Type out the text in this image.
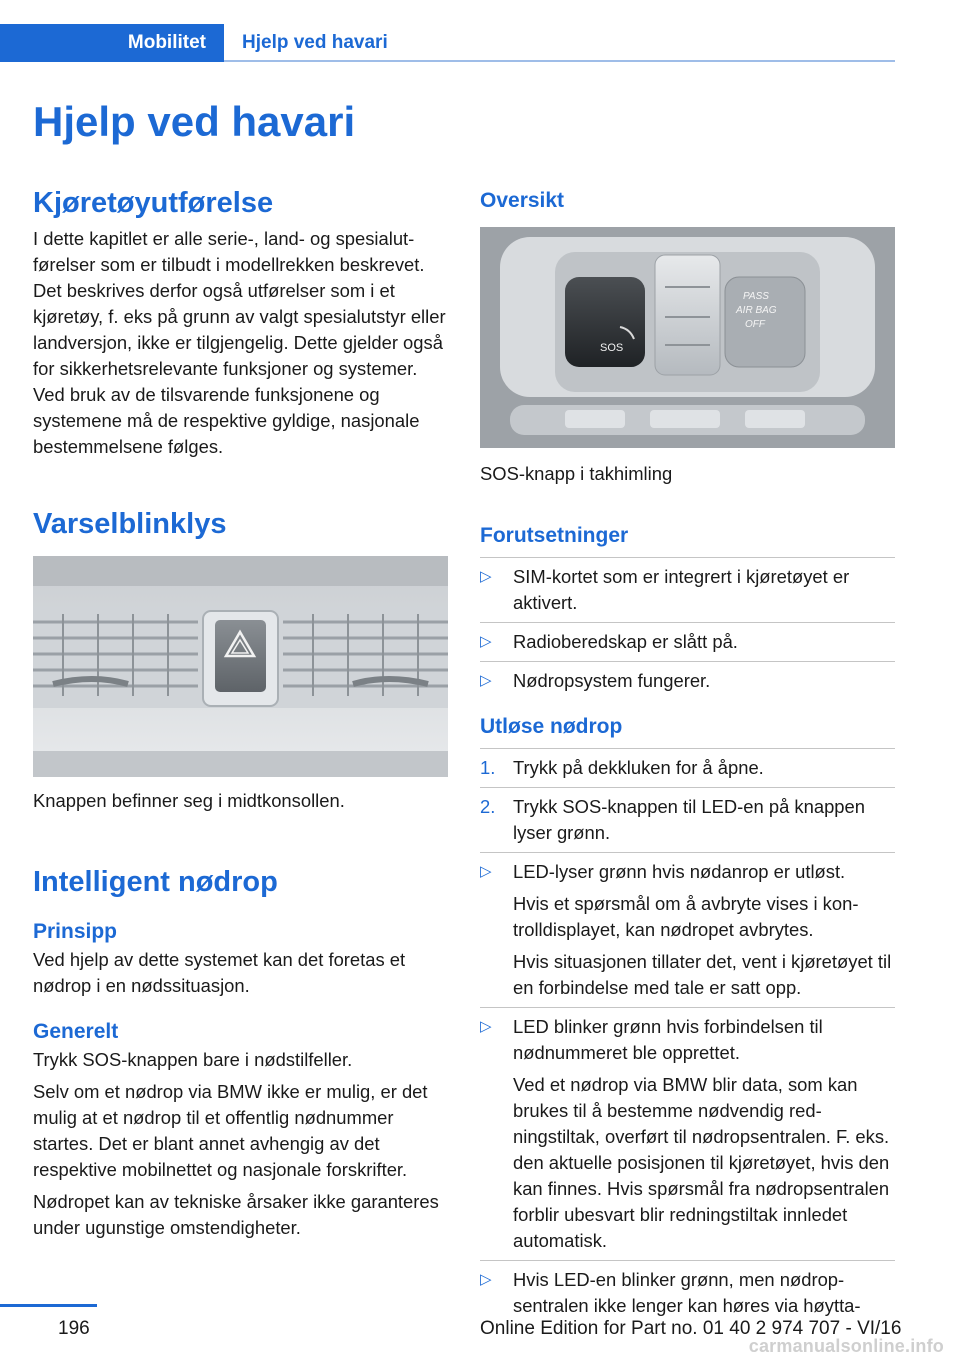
Mobilitet Hjelp ved havari
Hjelp ved havari
Kjøretøyutførelse
I dette kapitlet er alle serie-, land- og spesialutførelser som er tilbudt i modellrekken beskrevet. Det beskrives derfor også utførelser som i et kjøretøy, f. eks på grunn av valgt spesialutstyr eller landversjon, ikke er tilgjengelig. Dette gjelder også for sikkerhetsrelevante funksjoner og systemer. Ved bruk av de tilsvarende funksjonene og systemene må de respektive gyldige, nasjonale bestemmelsene følges.
Varselblinklys
Knappen befinner seg i midtkonsollen.
Intelligent nødrop
Prinsipp
Ved hjelp av dette systemet kan det foretas et nødrop i en nødssituasjon.
Generelt
Trykk SOS-knappen bare i nødstilfeller.
Selv om et nødrop via BMW ikke er mulig, er det mulig at et nødrop til et offentlig nødnummer startes. Det er blant annet avhengig av det respektive mobilnettet og nasjonale forskrifter.
Nødropet kan av tekniske årsaker ikke garanteres under ugunstige omstendigheter.
Oversikt
SOS
PASS
AIR BAG
OFF
SOS-knapp i takhimling
Forutsetninger
▷ SIM-kortet som er integrert i kjøretøyet er aktivert.
▷ Radioberedskap er slått på.
▷ Nødropsystem fungerer.
Utløse nødrop
1. Trykk på dekkluken for å åpne.
2. Trykk SOS-knappen til LED-en på knappen lyser grønn.
▷ LED-lyser grønn hvis nødanrop er utløst.
Hvis et spørsmål om å avbryte vises i kontrolldisplayet, kan nødropet avbrytes.
Hvis situasjonen tillater det, vent i kjøretøyet til en forbindelse med tale er satt opp.
▷ LED blinker grønn hvis forbindelsen til nødnummeret ble opprettet.
Ved et nødrop via BMW blir data, som kan brukes til å bestemme nødvendig redningstiltak, overført til nødropsentralen. F. eks. den aktuelle posisjonen til kjøretøyet, hvis den kan finnes. Hvis spørsmål fra nødropsentralen forblir ubesvart blir redningstiltak innledet automatisk.
▷ Hvis LED-en blinker grønn, men nødropsentralen ikke lenger kan høres via høytta-
196	Online Edition for Part no. 01 40 2 974 707 - VI/16
carmanualsonline.info
